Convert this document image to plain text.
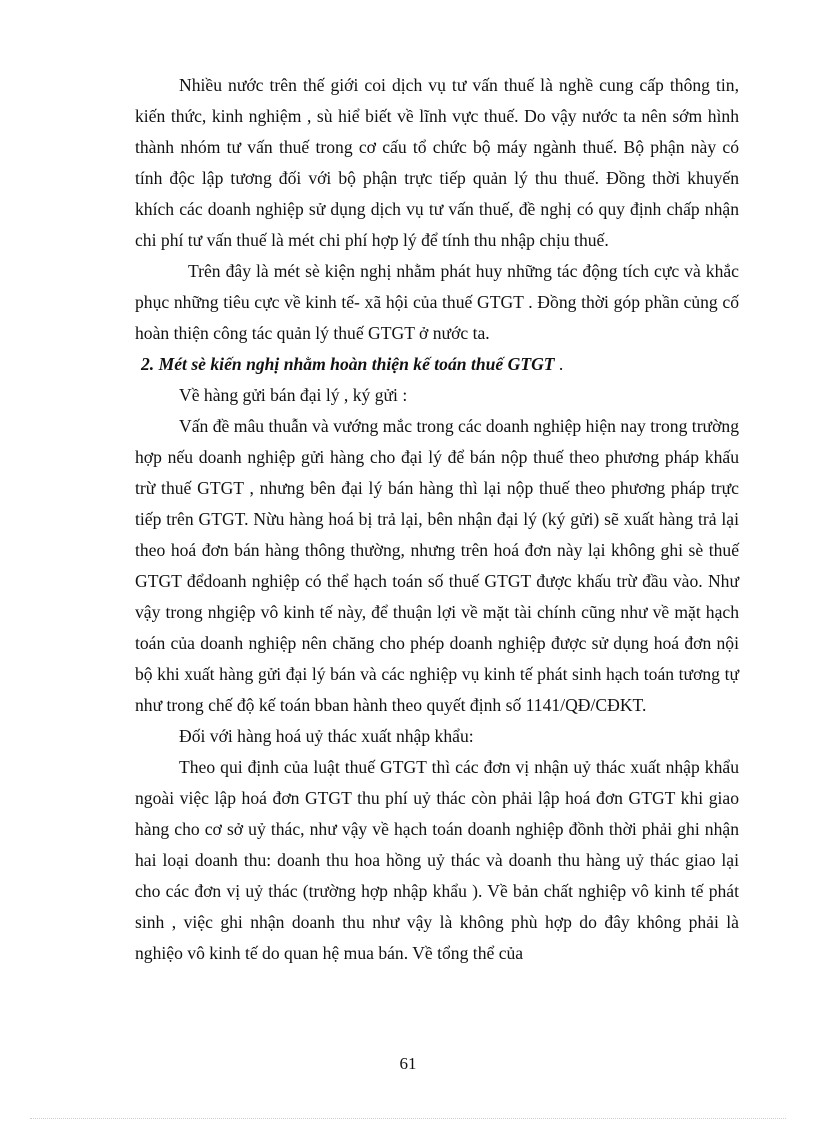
Nhiều nước trên thế giới coi dịch vụ tư vấn thuế là nghề cung cấp thông tin, kiến thức, kinh nghiệm , sù hiể biết về lĩnh vực thuế. Do vậy nước ta nên sớm hình thành nhóm tư vấn thuế trong cơ cấu tổ chức bộ máy ngành thuế. Bộ phận này có tính độc lập tương đối với bộ phận trực tiếp quản lý thu thuế. Đồng thời khuyến khích các doanh nghiệp sử dụng dịch vụ tư vấn thuế, đề nghị có quy định chấp nhận chi phí tư vấn thuế là mét chi phí hợp lý để tính thu nhập chịu thuế.

Trên đây là mét sè kiện nghị nhằm phát huy những tác động tích cực và khắc phục những tiêu cực về kinh tế- xã hội của thuế GTGT . Đồng thời góp phần củng cố hoàn thiện công tác quản lý thuế GTGT ở nước ta.

2. Mét sè kiến nghị nhằm hoàn thiện kế toán thuế GTGT .

Về hàng gửi bán đại lý , ký gửi :

Vấn đề mâu thuẫn và vướng mắc trong các doanh nghiệp hiện nay trong trường hợp nếu doanh nghiệp gửi hàng cho đại lý để bán nộp thuế theo phương pháp khấu trừ thuế GTGT , nhưng bên đại lý bán hàng thì lại nộp thuế theo phương pháp trực tiếp trên GTGT. Nừu hàng hoá bị trả lại, bên nhận đại lý (ký gửi) sẽ xuất hàng trả lại theo hoá đơn bán hàng thông thường, nhưng trên hoá đơn này lại không ghi sè thuế GTGT đểdoanh nghiệp có thể hạch toán số thuế GTGT được khấu trừ đầu vào. Như vậy trong nhgiệp vô kinh tế này, để thuận lợi về mặt tài chính cũng như về mặt hạch toán của doanh nghiệp nên chăng cho phép doanh nghiệp được sử dụng hoá đơn nội bộ khi xuất hàng gửi đại lý bán và các nghiệp vụ kinh tế phát sinh hạch toán tương tự như trong chế độ kế toán bban hành theo quyết định số 1141/QĐ/CĐKT.

Đối với hàng hoá uỷ thác xuất nhập khẩu:

Theo qui định của luật thuế GTGT thì các đơn vị nhận uỷ thác xuất nhập khẩu ngoài việc lập hoá đơn GTGT thu phí uỷ thác còn phải lập hoá đơn GTGT khi giao hàng cho cơ sở uỷ thác, như vậy về hạch toán doanh nghiệp đồnh thời phải ghi nhận hai loại doanh thu: doanh thu hoa hồng uỷ thác và doanh thu hàng uỷ thác giao lại cho các đơn vị uỷ thác (trường hợp nhập khẩu ). Về bản chất nghiệp vô kinh tế phát sinh , việc ghi nhận doanh thu như vậy là không phù hợp do đây không phải là nghiệo vô kinh tế do quan hệ mua bán. Về tổng thể của

61
